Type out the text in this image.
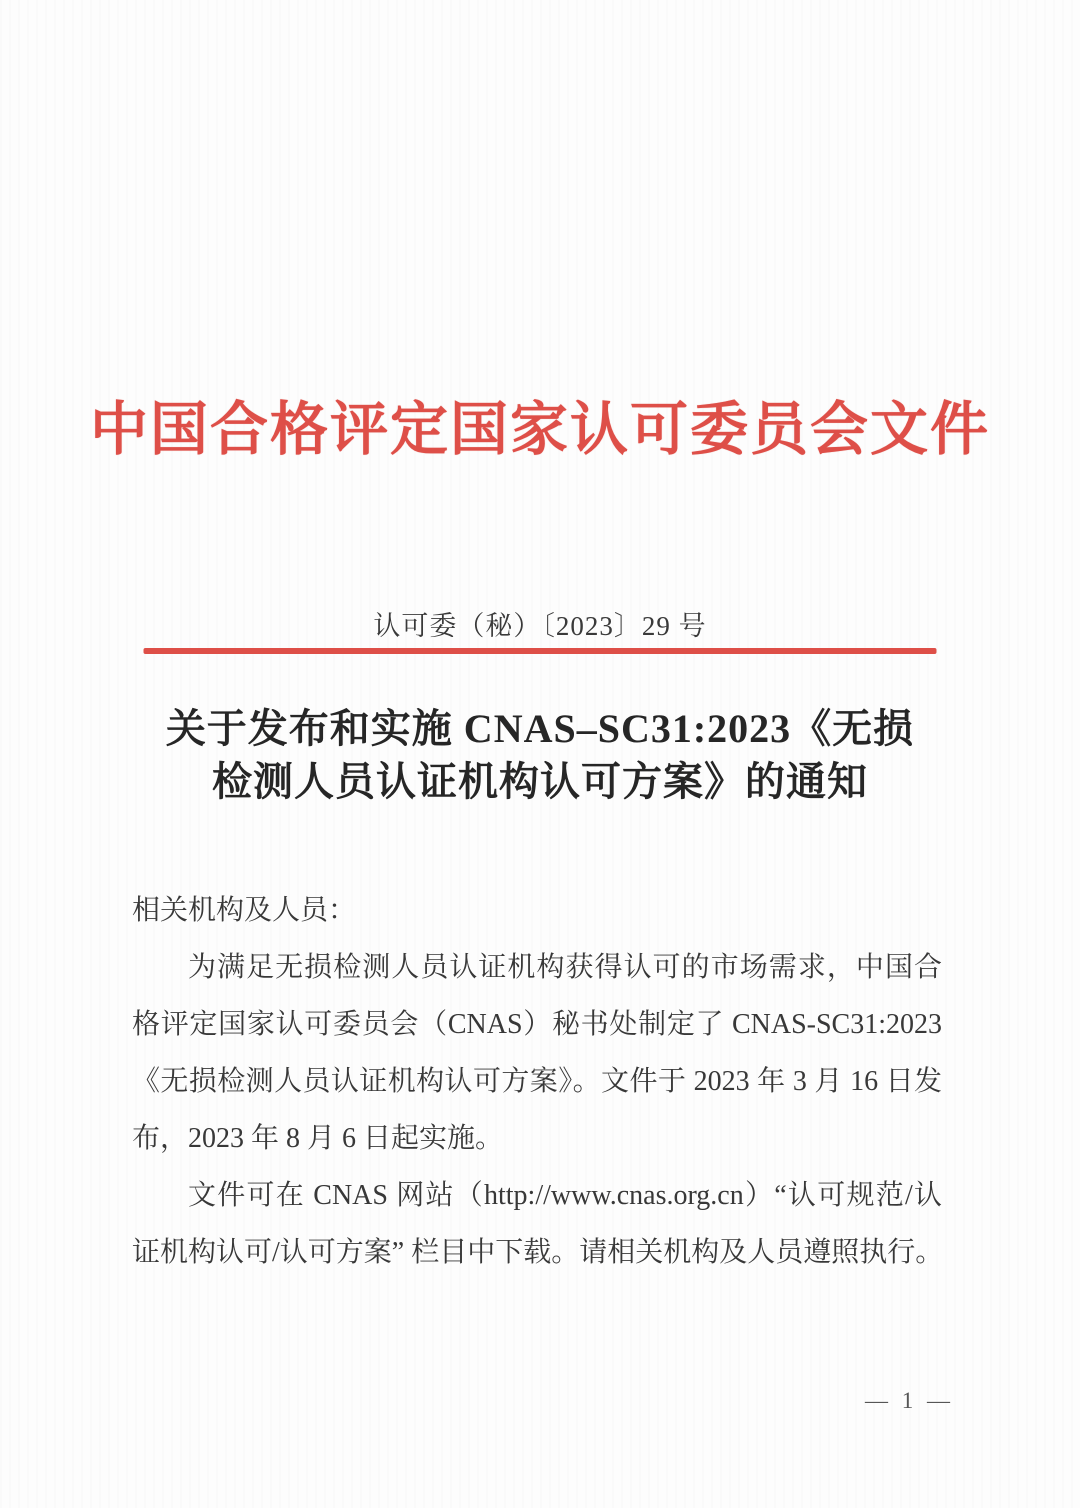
中国合格评定国家认可委员会文件
认可委（秘）〔2023〕29 号
关于发布和实施 CNAS–SC31:2023《无损
检测人员认证机构认可方案》的通知
相关机构及人员：
为满足无损检测人员认证机构获得认可的市场需求，中国合
格评定国家认可委员会（CNAS）秘书处制定了 CNAS-SC31:2023
《无损检测人员认证机构认可方案》。文件于 2023 年 3 月 16 日发
布，2023 年 8 月 6 日起实施。
文件可在 CNAS 网站（http://www.cnas.org.cn）“认可规范/认
证机构认可/认可方案” 栏目中下载。请相关机构及人员遵照执行。
— 1 —
